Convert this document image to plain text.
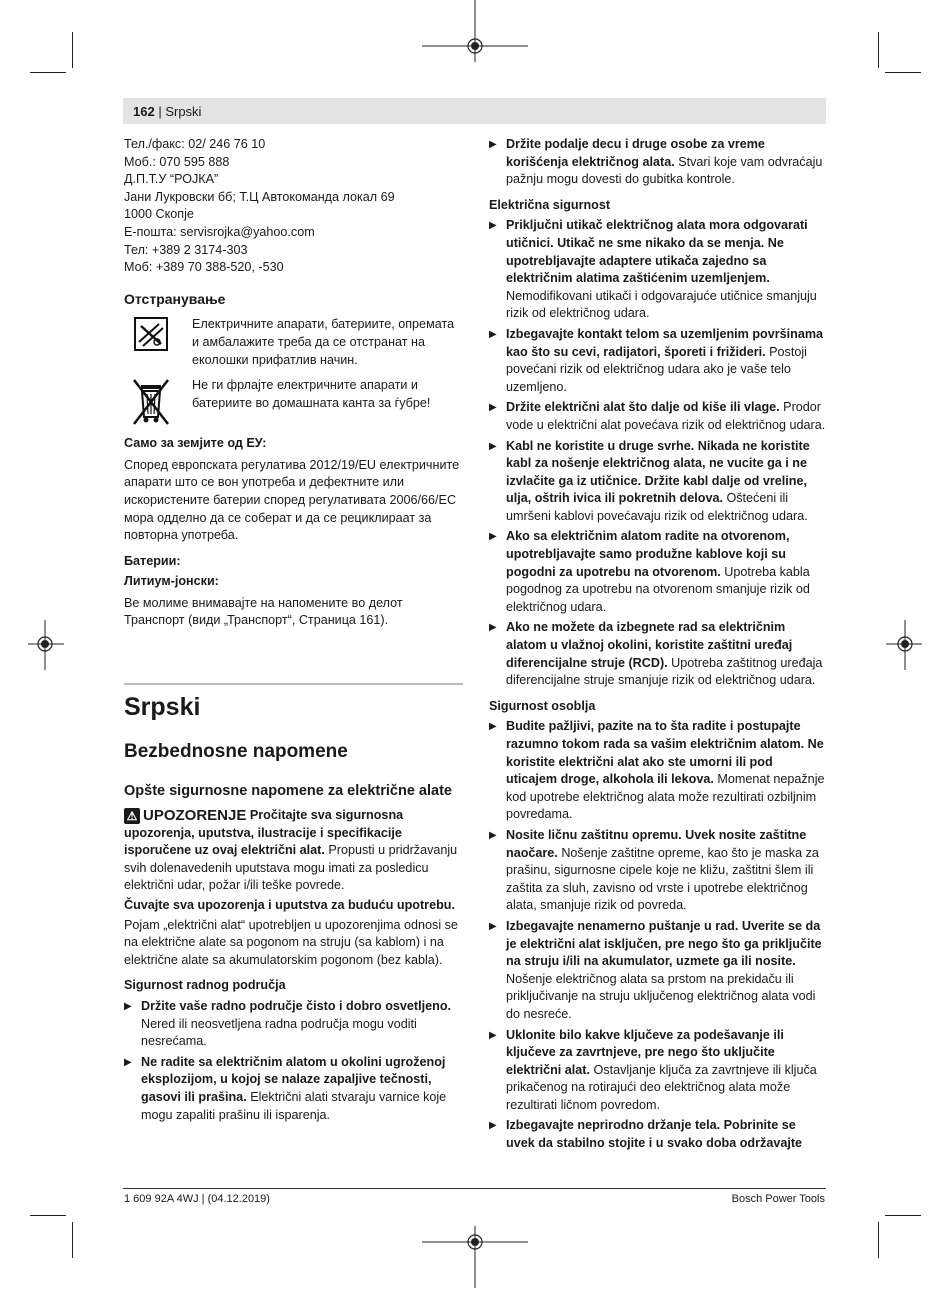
162 | Srpski

Тел./факс: 02/ 246 76 10

Моб.: 070 595 888

Д.П.Т.У “РОЈКА”

Јани Лукровски бб; Т.Ц Автокоманда локал 69

1000 Скопје

Е-пошта: servisrojka@yahoo.com

Тел: +389 2 3174-303

Моб: +389 70 388-520, -530

Отстранување

Електричните апарати, батериите, опремата и амбалажите треба да се отстранат на еколошки прифатлив начин.

Не ги фрлајте електричните апарати и батериите во домашната канта за ѓубре!

Само за земјите од ЕУ:

Според европската регулатива 2012/19/EU електричните апарати што се вон употреба и дефектните или искористените батерии според регулативата 2006/66/ЕС мора одделно да се соберат и да се рециклираат за повторна употреба.

Батерии:
Литиум-јонски:

Ве молиме внимавајте на напомените во делот Транспорт (види „Транспорт“, Страница 161).

Srpski
Bezbednosne napomene
Opšte sigurnosne napomene za električne alate

⚠ UPOZORENJE Pročitajte sva sigurnosna upozorenja, uputstva, ilustracije i specifikacije isporučene uz ovaj električni alat. Propusti u pridržavanju svih dolenavedenih uputstava mogu imati za posledicu električni udar, požar i/ili teške povrede.

Čuvajte sva upozorenja i uputstva za buduću upotrebu.

Pojam „električni alat“ upotrebljen u upozorenjima odnosi se na električne alate sa pogonom na struju (sa kablom) i na električne alate sa akumulatorskim pogonom (bez kabla).

Sigurnost radnog područja
▶ Držite vaše radno područje čisto i dobro osvetljeno. Nered ili neosvetljena radna područja mogu voditi nesrećama.
▶ Ne radite sa električnim alatom u okolini ugroženoj eksplozijom, u kojoj se nalaze zapaljive tečnosti, gasovi ili prašina. Električni alati stvaraju varnice koje mogu zapaliti prašinu ili isparenja.
▶ Držite podalje decu i druge osobe za vreme korišćenja električnog alata. Stvari koje vam odvraćaju pažnju mogu dovesti do gubitka kontrole.
Električna sigurnost
▶ Priključni utikač električnog alata mora odgovarati utičnici. Utikač ne sme nikako da se menja. Ne upotrebljavajte adaptere utikača zajedno sa električnim alatima zaštićenim uzemljenjem. Nemodifikovani utikači i odgovarajuće utičnice smanjuju rizik od električnog udara.
▶ Izbegavajte kontakt telom sa uzemljenim površinama kao što su cevi, radijatori, šporeti i frižideri. Postoji povećani rizik od električnog udara ako je vaše telo uzemljeno.
▶ Držite električni alat što dalje od kiše ili vlage. Prodor vode u električni alat povećava rizik od električnog udara.
▶ Kabl ne koristite u druge svrhe. Nikada ne koristite kabl za nošenje električnog alata, ne vucite ga i ne izvlačite ga iz utičnice. Držite kabl dalje od vreline, ulja, oštrih ivica ili pokretnih delova. Oštećeni ili umršeni kablovi povećavaju rizik od električnog udara.
▶ Ako sa električnim alatom radite na otvorenom, upotrebljavajte samo produžne kablove koji su pogodni za upotrebu na otvorenom. Upotreba kabla pogodnog za upotrebu na otvorenom smanjuje rizik od električnog udara.
▶ Ako ne možete da izbegnete rad sa električnim alatom u vlažnoj okolini, koristite zaštitni uređaj diferencijalne struje (RCD). Upotreba zaštitnog uređaja diferencijalne struje smanjuje rizik od električnog udara.
Sigurnost osoblja
▶ Budite pažljivi, pazite na to šta radite i postupajte razumno tokom rada sa vašim električnim alatom. Ne koristite električni alat ako ste umorni ili pod uticajem droge, alkohola ili lekova. Momenat nepažnje kod upotrebe električnog alata može rezultirati ozbiljnim povredama.
▶ Nosite ličnu zaštitnu opremu. Uvek nosite zaštitne naočare. Nošenje zaštitne opreme, kao što je maska za prašinu, sigurnosne cipele koje ne kližu, zaštitni šlem ili zaštita za sluh, zavisno od vrste i upotrebe električnog alata, smanjuje rizik od povreda.
▶ Izbegavajte nenamerno puštanje u rad. Uverite se da je električni alat isključen, pre nego što ga priključite na struju i/ili na akumulator, uzmete ga ili nosite. Nošenje električnog alata sa prstom na prekidaču ili priključivanje na struju uključenog električnog alata vodi do nesreće.
▶ Uklonite bilo kakve ključeve za podešavanje ili ključeve za zavrtnjeve, pre nego što uključite električni alat. Ostavljanje ključa za zavrtnjeve ili ključa prikačenog na rotirajući deo električnog alata može rezultirati ličnom povredom.
▶ Izbegavajte neprirodno držanje tela. Pobrinite se uvek da stabilno stojite i u svako doba održavajte
1 609 92A 4WJ | (04.12.2019)	Bosch Power Tools
